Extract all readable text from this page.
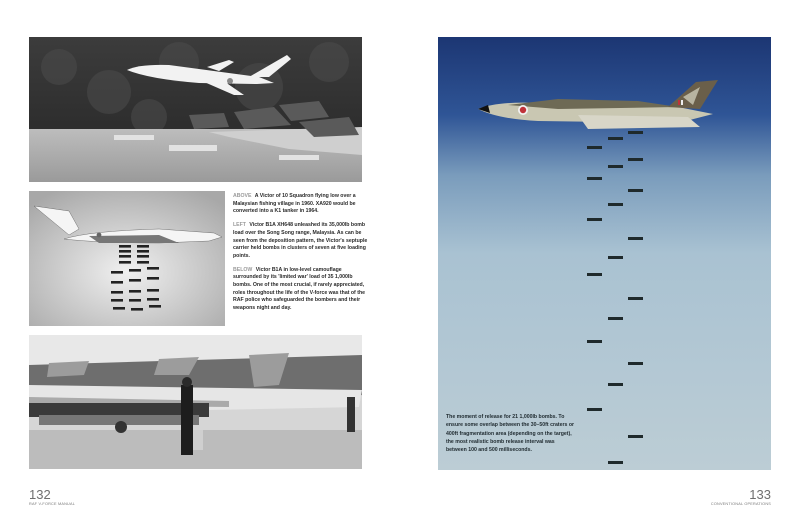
ABOVE A Victor of 10 Squadron flying low over a Malaysian fishing village in 1960. XA920 would be converted into a K1 tanker in 1964.

LEFT Victor B1A XH648 unleashed its 35,000lb bomb load over the Song Song range, Malaysia. As can be seen from the deposition pattern, the Victor's septuple carrier held bombs in clusters of seven at five loading points.

BELOW Victor B1A in low-level camouflage surrounded by its 'limited war' load of 35 1,000lb bombs. One of the most crucial, if rarely appreciated, roles throughout the life of the V-force was that of the RAF police who safeguarded the bombers and their weapons night and day.

The moment of release for 21 1,000lb bombs. To ensure some overlap between the 30–50ft craters or 400ft fragmentation area (depending on the target), the most realistic bomb release interval was between 100 and 500 milliseconds.
132
RAF V-FORCE MANUAL
133
CONVENTIONAL OPERATIONS
